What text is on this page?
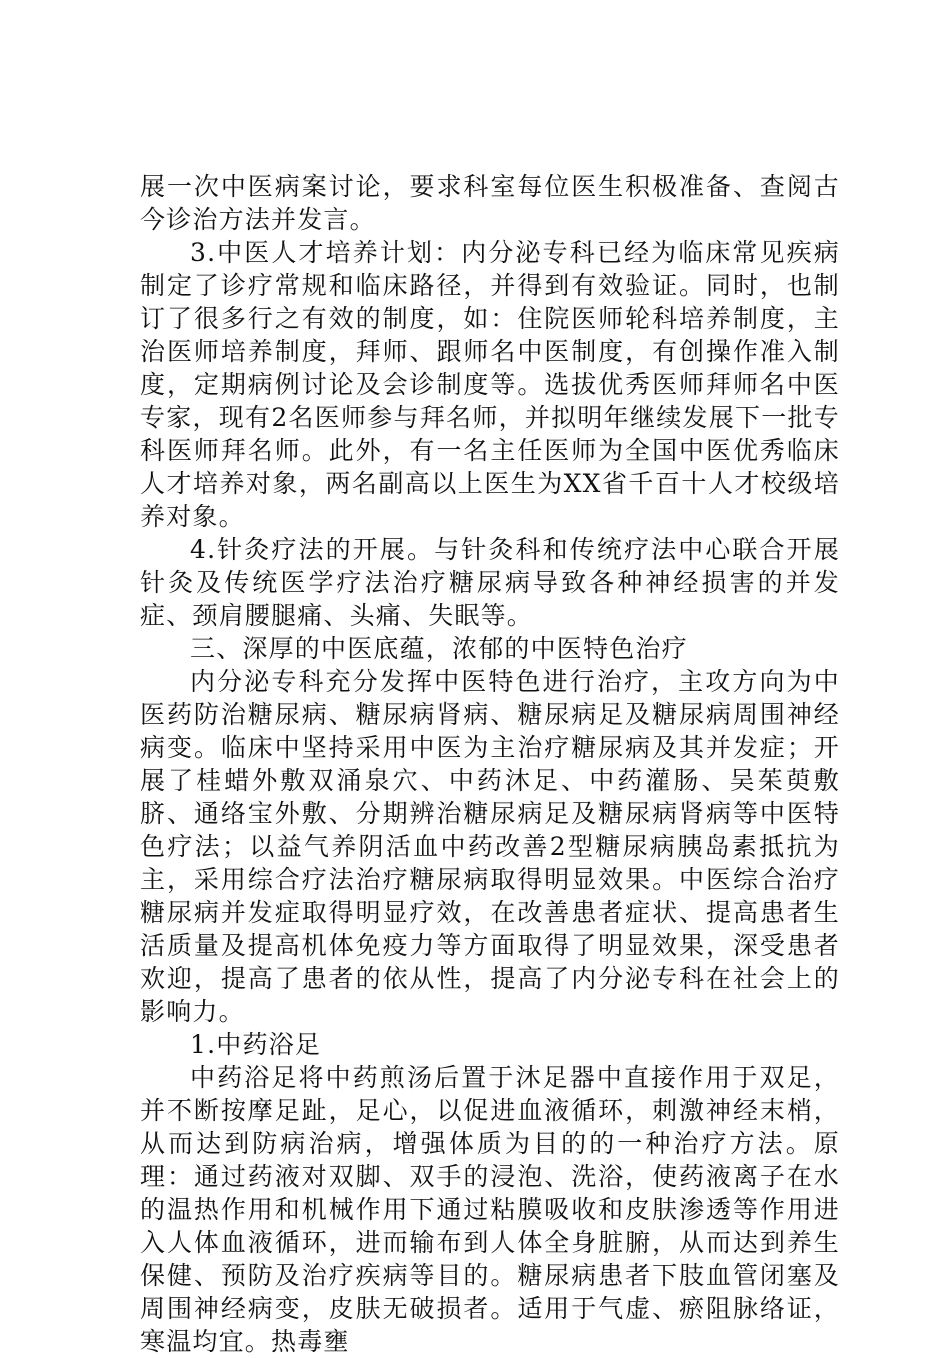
展一次中医病案讨论，要求科室每位医生积极准备、查阅古今诊治方法并发言。

3.中医人才培养计划：内分泌专科已经为临床常见疾病制定了诊疗常规和临床路径，并得到有效验证。同时，也制订了很多行之有效的制度，如：住院医师轮科培养制度，主治医师培养制度，拜师、跟师名中医制度，有创操作准入制度，定期病例讨论及会诊制度等。选拔优秀医师拜师名中医专家，现有2名医师参与拜名师，并拟明年继续发展下一批专科医师拜名师。此外，有一名主任医师为全国中医优秀临床人才培养对象，两名副高以上医生为XX省千百十人才校级培养对象。

4.针灸疗法的开展。与针灸科和传统疗法中心联合开展针灸及传统医学疗法治疗糖尿病导致各种神经损害的并发症、颈肩腰腿痛、头痛、失眠等。

三、深厚的中医底蕴，浓郁的中医特色治疗

内分泌专科充分发挥中医特色进行治疗，主攻方向为中医药防治糖尿病、糖尿病肾病、糖尿病足及糖尿病周围神经病变。临床中坚持采用中医为主治疗糖尿病及其并发症；开展了桂蜡外敷双涌泉穴、中药沐足、中药灌肠、吴茱萸敷脐、通络宝外敷、分期辨治糖尿病足及糖尿病肾病等中医特色疗法；以益气养阴活血中药改善2型糖尿病胰岛素抵抗为主，采用综合疗法治疗糖尿病取得明显效果。中医综合治疗糖尿病并发症取得明显疗效，在改善患者症状、提高患者生活质量及提高机体免疫力等方面取得了明显效果，深受患者欢迎，提高了患者的依从性，提高了内分泌专科在社会上的影响力。

1.中药浴足

中药浴足将中药煎汤后置于沐足器中直接作用于双足，并不断按摩足趾，足心，以促进血液循环，刺激神经末梢，从而达到防病治病，增强体质为目的的一种治疗方法。原理：通过药液对双脚、双手的浸泡、洗浴，使药液离子在水的温热作用和机械作用下通过粘膜吸收和皮肤渗透等作用进入人体血液循环，进而输布到人体全身脏腑，从而达到养生保健、预防及治疗疾病等目的。糖尿病患者下肢血管闭塞及周围神经病变，皮肤无破损者。适用于气虚、瘀阻脉络证，寒温均宜。热毒壅
